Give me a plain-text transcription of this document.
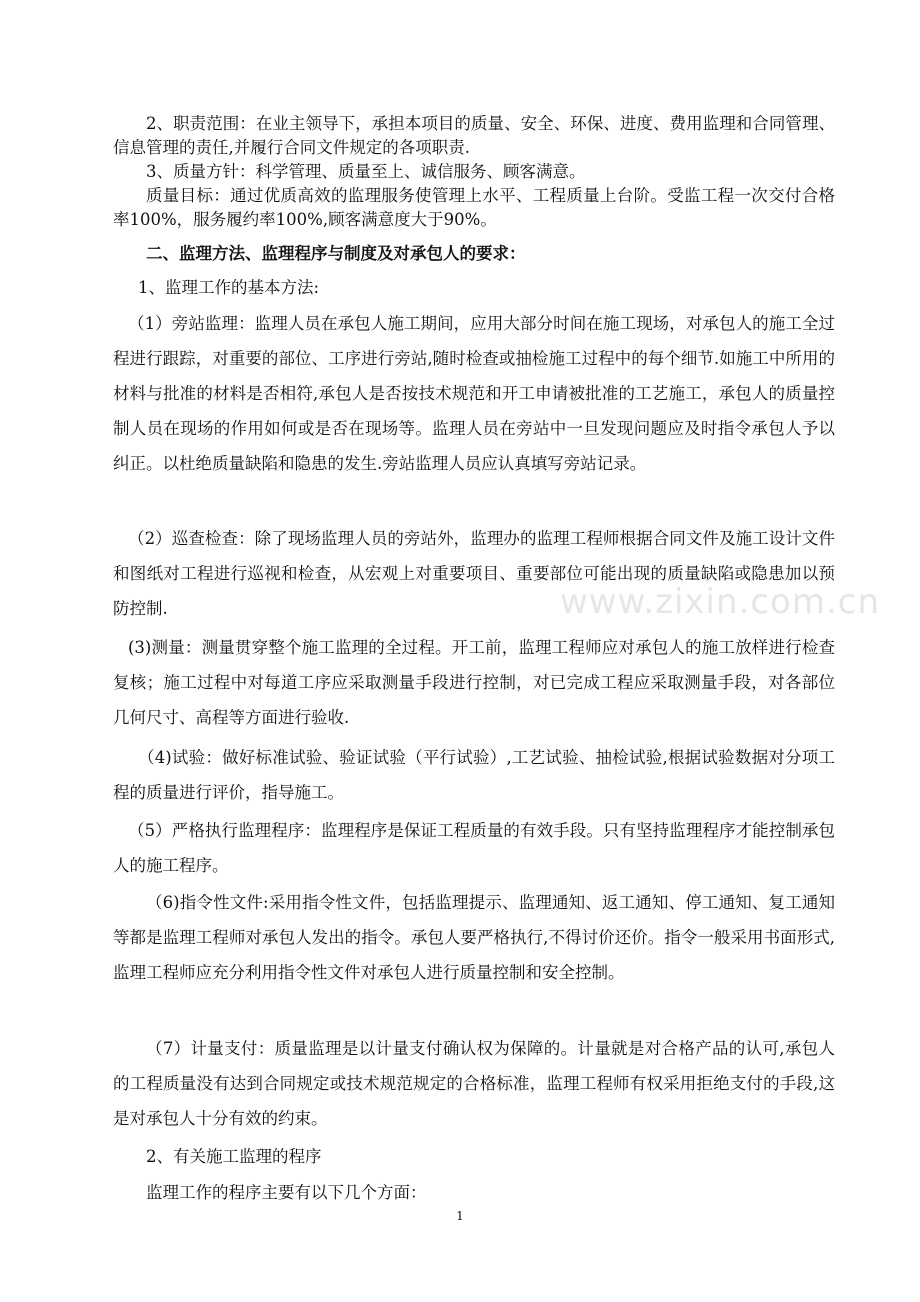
2、职责范围：在业主领导下，承担本项目的质量、安全、环保、进度、费用监理和合同管理、信息管理的责任,并履行合同文件规定的各项职责.

3、质量方针：科学管理、质量至上、诚信服务、顾客满意。

质量目标：通过优质高效的监理服务使管理上水平、工程质量上台阶。受监工程一次交付合格率100%，服务履约率100%,顾客满意度大于90%。

二、监理方法、监理程序与制度及对承包人的要求：

1、监理工作的基本方法:

（1）旁站监理：监理人员在承包人施工期间，应用大部分时间在施工现场，对承包人的施工全过程进行跟踪，对重要的部位、工序进行旁站,随时检查或抽检施工过程中的每个细节.如施工中所用的材料与批准的材料是否相符,承包人是否按技术规范和开工申请被批准的工艺施工，承包人的质量控制人员在现场的作用如何或是否在现场等。监理人员在旁站中一旦发现问题应及时指令承包人予以纠正。以杜绝质量缺陷和隐患的发生.旁站监理人员应认真填写旁站记录。

（2）巡查检查：除了现场监理人员的旁站外，监理办的监理工程师根据合同文件及施工设计文件和图纸对工程进行巡视和检查，从宏观上对重要项目、重要部位可能出现的质量缺陷或隐患加以预防控制.

(3)测量：测量贯穿整个施工监理的全过程。开工前，监理工程师应对承包人的施工放样进行检查复核；施工过程中对每道工序应采取测量手段进行控制，对已完成工程应采取测量手段，对各部位几何尺寸、高程等方面进行验收.

（4)试验：做好标准试验、验证试验（平行试验）,工艺试验、抽检试验,根据试验数据对分项工程的质量进行评价，指导施工。

（5）严格执行监理程序：监理程序是保证工程质量的有效手段。只有坚持监理程序才能控制承包人的施工程序。

（6)指令性文件:采用指令性文件，包括监理提示、监理通知、返工通知、停工通知、复工通知等都是监理工程师对承包人发出的指令。承包人要严格执行,不得讨价还价。指令一般采用书面形式,监理工程师应充分利用指令性文件对承包人进行质量控制和安全控制。

（7）计量支付：质量监理是以计量支付确认权为保障的。计量就是对合格产品的认可,承包人的工程质量没有达到合同规定或技术规范规定的合格标准，监理工程师有权采用拒绝支付的手段,这是对承包人十分有效的约束。

2、有关施工监理的程序

监理工作的程序主要有以下几个方面：

www.zixin.com.cn
1
